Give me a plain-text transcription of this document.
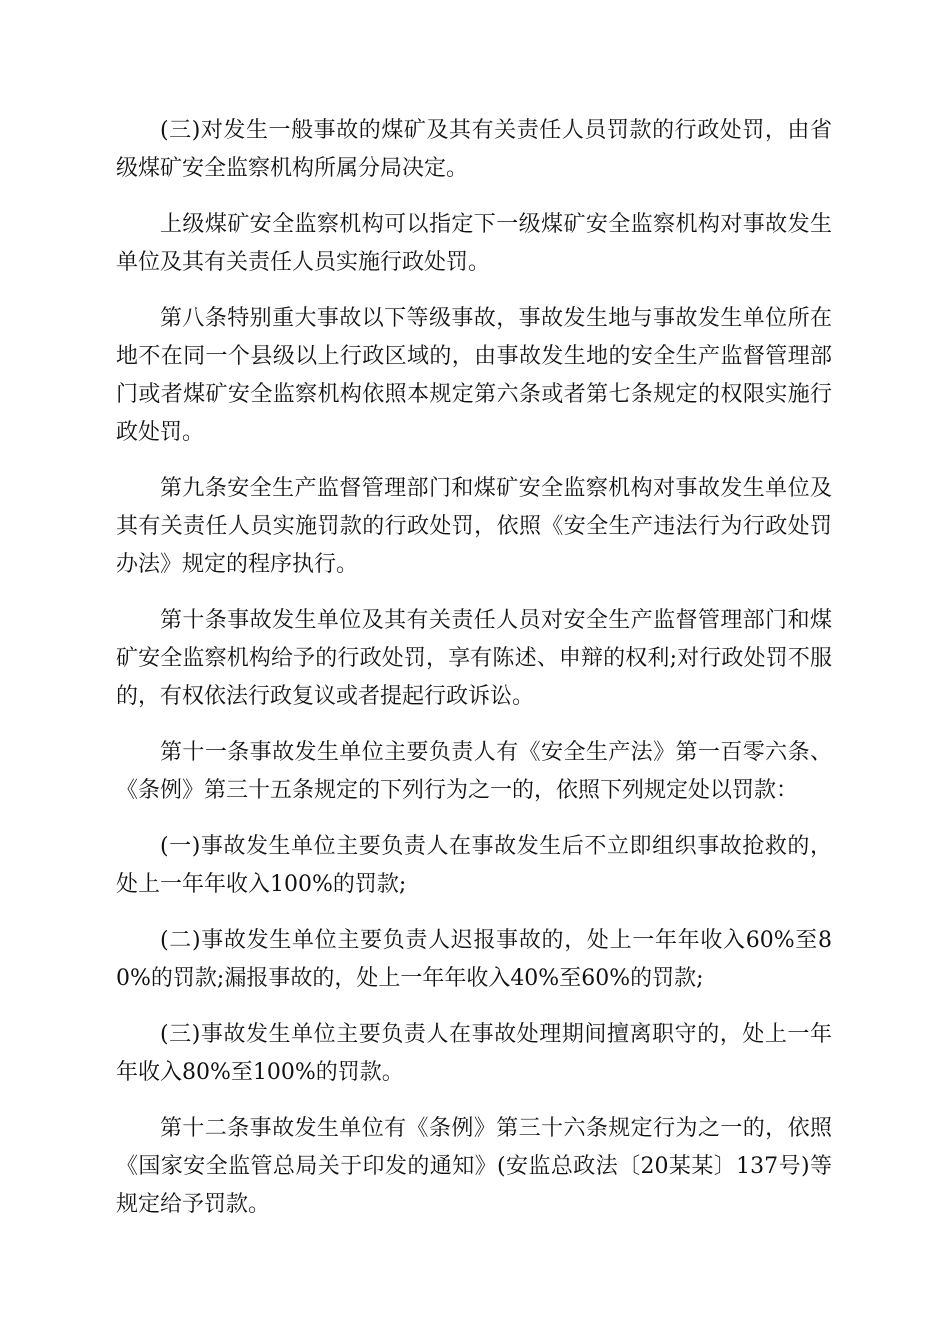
(三)对发生一般事故的煤矿及其有关责任人员罚款的行政处罚，由省级煤矿安全监察机构所属分局决定。

上级煤矿安全监察机构可以指定下一级煤矿安全监察机构对事故发生单位及其有关责任人员实施行政处罚。

第八条特别重大事故以下等级事故，事故发生地与事故发生单位所在地不在同一个县级以上行政区域的，由事故发生地的安全生产监督管理部门或者煤矿安全监察机构依照本规定第六条或者第七条规定的权限实施行政处罚。

第九条安全生产监督管理部门和煤矿安全监察机构对事故发生单位及其有关责任人员实施罚款的行政处罚，依照《安全生产违法行为行政处罚办法》规定的程序执行。

第十条事故发生单位及其有关责任人员对安全生产监督管理部门和煤矿安全监察机构给予的行政处罚，享有陈述、申辩的权利;对行政处罚不服的，有权依法行政复议或者提起行政诉讼。

第十一条事故发生单位主要负责人有《安全生产法》第一百零六条、《条例》第三十五条规定的下列行为之一的，依照下列规定处以罚款：

(一)事故发生单位主要负责人在事故发生后不立即组织事故抢救的，处上一年年收入100%的罚款;

(二)事故发生单位主要负责人迟报事故的，处上一年年收入60%至80%的罚款;漏报事故的，处上一年年收入40%至60%的罚款;

(三)事故发生单位主要负责人在事故处理期间擅离职守的，处上一年年收入80%至100%的罚款。

第十二条事故发生单位有《条例》第三十六条规定行为之一的，依照《国家安全监管总局关于印发的通知》(安监总政法〔20某某〕137号)等规定给予罚款。
